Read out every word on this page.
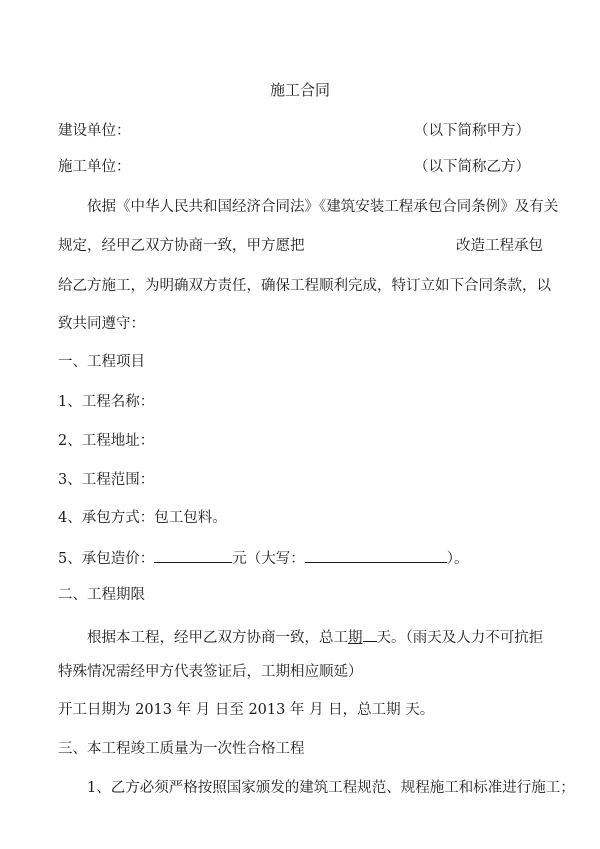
施工合同
建设单位：	（以下简称甲方）
施工单位：	（以下简称乙方）
依据《中华人民共和国经济合同法》《建筑安装工程承包合同条例》及有关
规定，经甲乙双方协商一致，甲方愿把	改造工程承包
给乙方施工，为明确双方责任，确保工程顺利完成，特订立如下合同条款，以
致共同遵守：
一、工程项目
1、工程名称：
2、工程地址：
3、工程范围：
4、承包方式：包工包料。
5、承包造价：	元（大写：	）。
二、工程期限
根据本工程，经甲乙双方协商一致，总工期 天。（雨天及人力不可抗拒
特殊情况需经甲方代表签证后，工期相应顺延）
开工日期为 2013 年 月 日至 2013 年 月 日，总工期 天。
三、本工程竣工质量为一次性合格工程
1、乙方必须严格按照国家颁发的建筑工程规范、规程施工和标准进行施工；
